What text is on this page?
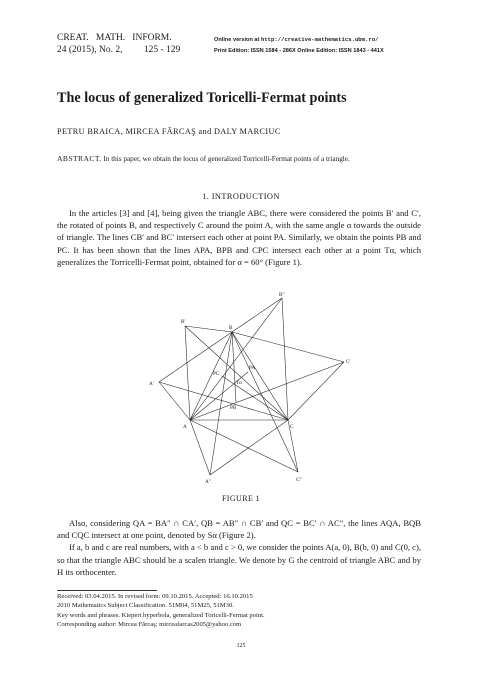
CREAT.   MATH.   INFORM.
24 (2015), No. 2,         125 - 129
Online version at http://creative-mathematics.ubm.ro/
Print Edition: ISSN 1584 - 286X Online Edition: ISSN 1843 - 441X
The locus of generalized Toricelli-Fermat points
PETRU BRAICA, MIRCEA FĂRCAŞ and DALY MARCIUC
ABSTRACT. In this paper, we obtain the locus of generalized Torricelli-Fermat points of a triangle.
1. INTRODUCTION

In the articles [3] and [4], being given the triangle ABC, there were considered the points B′ and C′, the rotated of points B, and respectively C around the point A, with the same angle α towards the outside of triangle. The lines CB′ and BC′ intersect each other at point PA. Similarly, we obtain the points PB and PC. It has been shown that the lines APA, BPB and CPC intersect each other at a point Tα, which generalizes the Torricelli-Fermat point, obtained for α = 60° (Figure 1).

B′
B
B″
C′
A′
A	C
A″	C″
PA
PC
PB
Tα
FIGURE 1

Also, considering QA = BA″ ∩ CA′, QB = AB″ ∩ CB′ and QC = BC′ ∩ AC″, the lines AQA, BQB and CQC intersect at one point, denoted by Sα (Figure 2).

If a, b and c are real numbers, with a < b and c > 0, we consider the points A(a, 0), B(b, 0) and C(0, c), so that the triangle ABC should be a scalen triangle. We denote by G the centroid of triangle ABC and by H its orthocenter.

Received: 03.04.2015. In revised form: 09.10.2015. Accepted: 16.10.2015
2010 Mathematics Subject Classification. 51M04, 51M25, 51M30.
Key words and phrases. Kiepert hyperbola, generalized Toricelli-Fermat point.
Corresponding author: Mircea Fărcaş; mirceafarcas2005@yahoo.com
125
